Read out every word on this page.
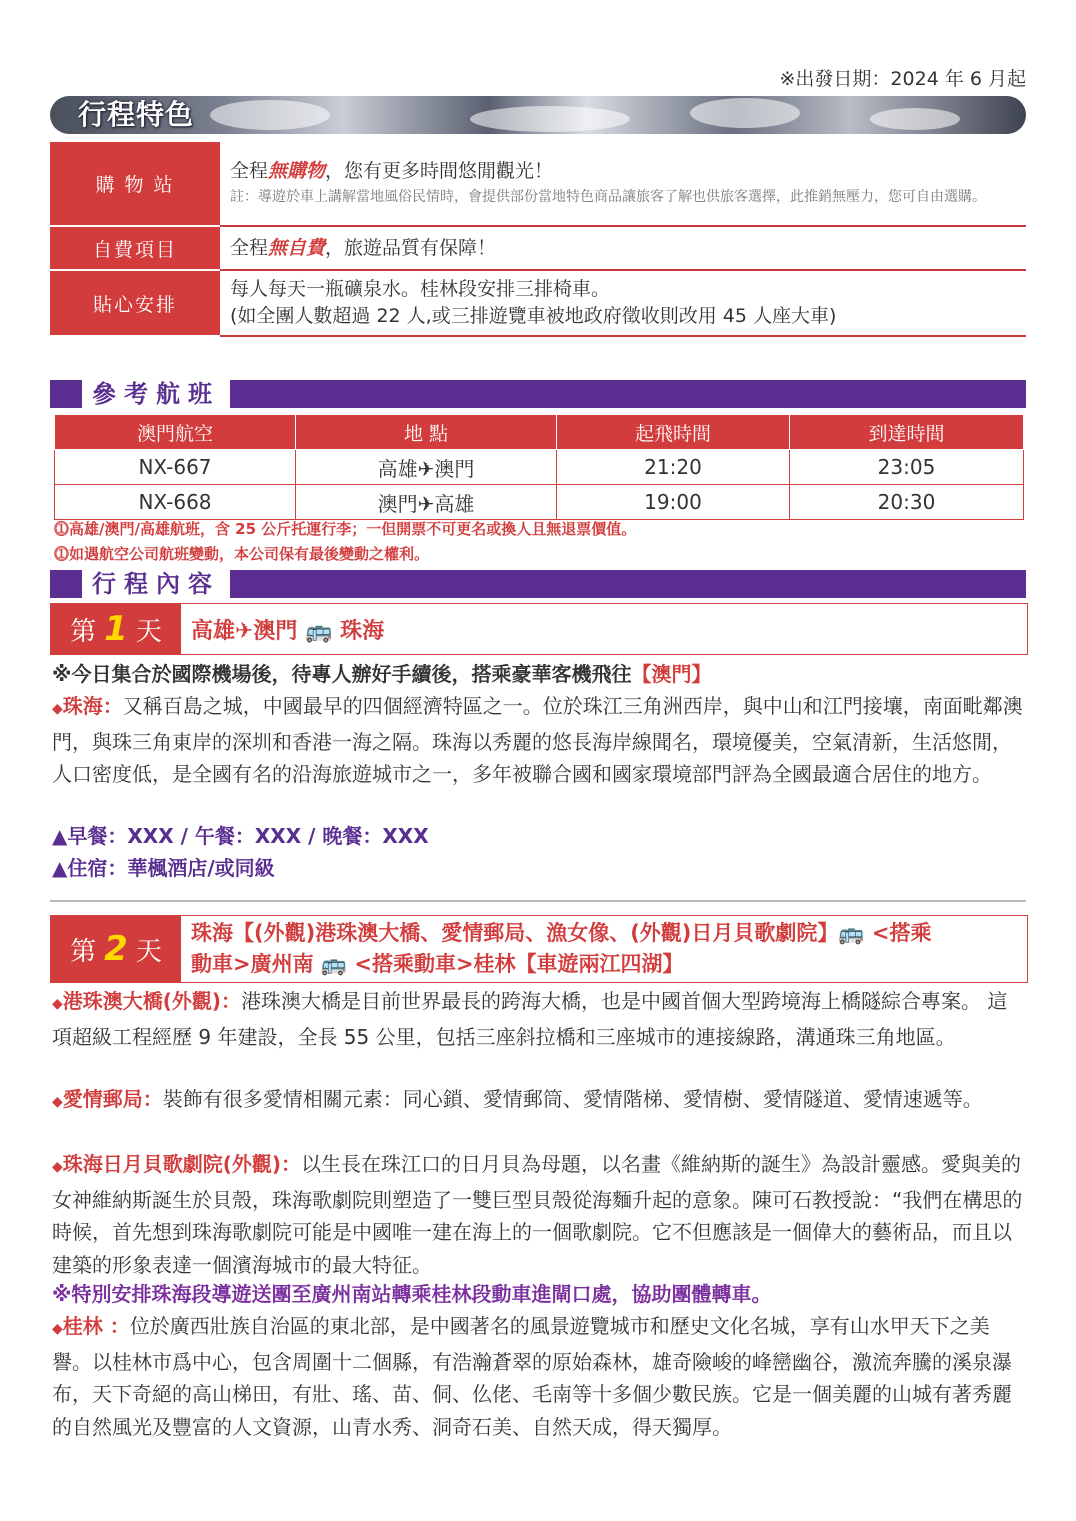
※出發日期：2024 年 6 月起
行程特色
購 物 站	全程無購物，您有更多時間悠閒觀光！
註：導遊於車上講解當地風俗民情時，會提供部份當地特色商品讓旅客了解也供旅客選擇，此推銷無壓力，您可自由選購。

自費項目	全程無自費，旅遊品質有保障！
貼心安排	每人每天一瓶礦泉水。桂林段安排三排椅車。
(如全團人數超過 22 人,或三排遊覽車被地政府徵收則改用 45 人座大車)
參考航班
澳門航空	地 點	起飛時間	到達時間
NX-667	高雄✈澳門	21:20	23:05
NX-668	澳門✈高雄	19:00	20:30
⓵高雄/澳門/高雄航班，含 25 公斤托運行李；一但開票不可更名或換人且無退票價值。
⓵如遇航空公司航班變動，本公司保有最後變動之權利。
行程內容
第 1 天 高雄✈澳門 🚌 珠海
※今日集合於國際機場後，待專人辦好手續後，搭乘豪華客機飛往【澳門】
◆珠海：又稱百島之城，中國最早的四個經濟特區之一。位於珠江三角洲西岸，與中山和江門接壤，南面毗鄰澳門，與珠三角東岸的深圳和香港一海之隔。珠海以秀麗的悠長海岸線聞名，環境優美，空氣清新，生活悠閒，人口密度低，是全國有名的沿海旅遊城市之一，多年被聯合國和國家環境部門評為全國最適合居住的地方。
▲早餐：XXX / 午餐：XXX / 晚餐：XXX
▲住宿：華楓酒店/或同級
第 2 天
珠海【(外觀)港珠澳大橋、愛情郵局、漁女像、(外觀)日月貝歌劇院】🚌 <搭乘
動車>廣州南 🚌 <搭乘動車>桂林【車遊兩江四湖】
◆港珠澳大橋(外觀)：港珠澳大橋是目前世界最長的跨海大橋，也是中國首個大型跨境海上橋隧綜合專案。 這項超級工程經歷 9 年建設，全長 55 公里，包括三座斜拉橋和三座城市的連接線路，溝通珠三角地區。
◆愛情郵局：裝飾有很多愛情相關元素：同心鎖、愛情郵筒、愛情階梯、愛情樹、愛情隧道、愛情速遞等。
◆珠海日月貝歌劇院(外觀)：以生長在珠江口的日月貝為母題，以名畫《維納斯的誕生》為設計靈感。愛與美的女神維納斯誕生於貝殼，珠海歌劇院則塑造了一雙巨型貝殼從海麵升起的意象。陳可石教授說：“我們在構思的時候，首先想到珠海歌劇院可能是中國唯一建在海上的一個歌劇院。它不但應該是一個偉大的藝術品，而且以建築的形象表達一個濱海城市的最大特征。
※特別安排珠海段導遊送團至廣州南站轉乘桂林段動車進閘口處，協助團體轉車。
◆桂林 ：位於廣西壯族自治區的東北部，是中國著名的風景遊覽城市和歷史文化名城，享有山水甲天下之美譽。以桂林市爲中心，包含周圍十二個縣，有浩瀚蒼翠的原始森林，雄奇險峻的峰巒幽谷，激流奔騰的溪泉瀑布，天下奇絕的高山梯田，有壯、瑤、苗、侗、仫佬、毛南等十多個少數民族。它是一個美麗的山城有著秀麗的自然風光及豐富的人文資源，山青水秀、洞奇石美、自然天成，得天獨厚。
